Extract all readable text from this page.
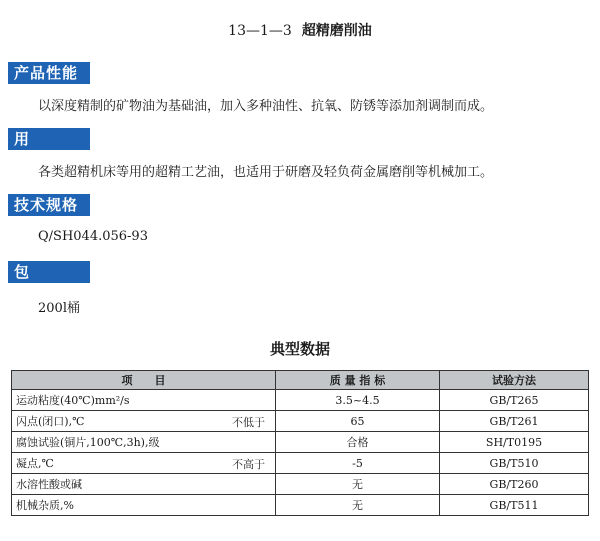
13—1—3 超精磨削油
产品性能
以深度精制的矿物油为基础油，加入多种油性、抗氧、防锈等添加剂调制而成。
用途
各类超精机床等用的超精工艺油，也适用于研磨及轻负荷金属磨削等机械加工。
技术规格
Q/SH044.056-93
包装
200l桶
典型数据
项　　目	质 量 指 标	试验方法
运动粘度(40℃)mm²/s	3.5~4.5	GB/T265
闪点(闭口),℃ 不低于	65	GB/T261
腐蚀试验(铜片,100℃,3h),级	合格	SH/T0195
凝点,℃ 不高于	-5	GB/T510
水溶性酸或碱	无	GB/T260
机械杂质,%	无	GB/T511
